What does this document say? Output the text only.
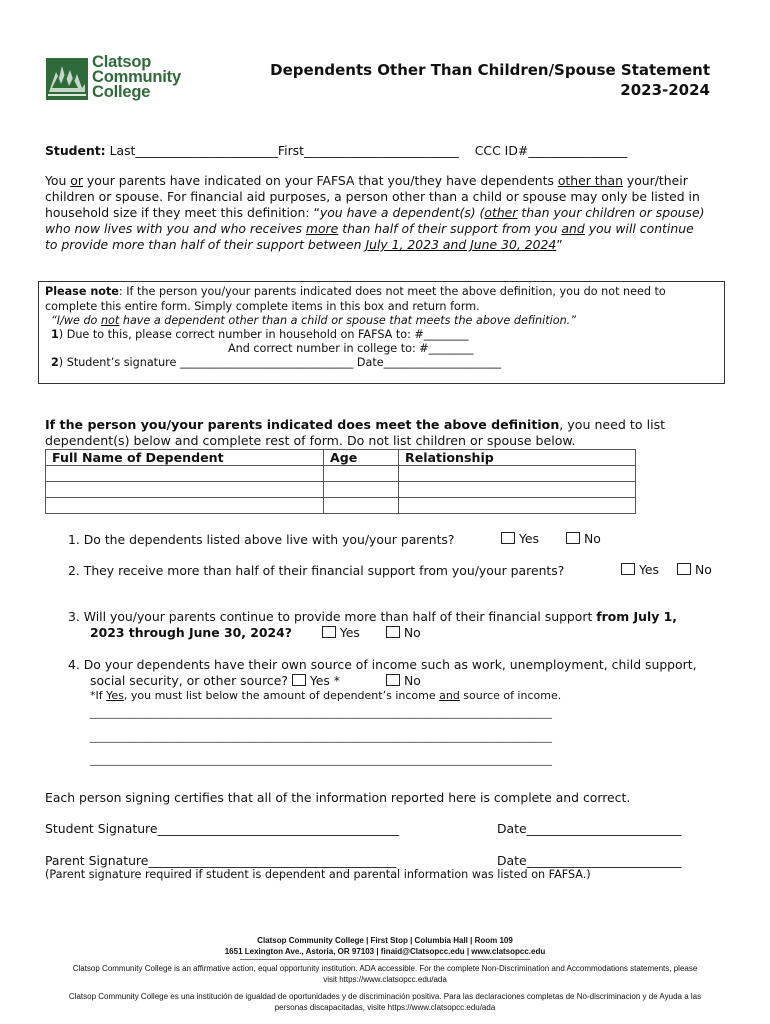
Clatsop
Community
College
Dependents Other Than Children/Spouse Statement
2023-2024
Student: Last_______________________First_________________________ CCC ID#________________
You or your parents have indicated on your FAFSA that you/they have dependents other than your/their
children or spouse. For financial aid purposes, a person other than a child or spouse may only be listed in
household size if they meet this definition: “you have a dependent(s) (other than your children or spouse)
who now lives with you and who receives more than half of their support from you and you will continue
to provide more than half of their support between July 1, 2023 and June 30, 2024”
Please note: If the person you/your parents indicated does not meet the above definition, you do not need to
complete this entire form. Simply complete items in this box and return form.
“I/we do not have a dependent other than a child or spouse that meets the above definition.”
1) Due to this, please correct number in household on FAFSA to: #________
And correct number in college to: #________
2) Student’s signature _______________________________ Date_____________________
If the person you/your parents indicated does meet the above definition, you need to list
dependent(s) below and complete rest of form. Do not list children or spouse below.
Full Name of Dependent	Age	Relationship

1. Do the dependents listed above live with you/your parents?	Yes	No
2. They receive more than half of their financial support from you/your parents?	Yes	No
3. Will you/your parents continue to provide more than half of their financial support from July 1,
2023 through June 30, 2024?	Yes	No
4. Do your dependents have their own source of income such as work, unemployment, child support,
social security, or other source? Yes *	No
*If Yes, you must list below the amount of dependent’s income and source of income.
____________________________________________________________________________________
____________________________________________________________________________________
____________________________________________________________________________________
Each person signing certifies that all of the information reported here is complete and correct.
Student Signature_______________________________________	Date_________________________
Parent Signature________________________________________	Date_________________________
(Parent signature required if student is dependent and parental information was listed on FAFSA.)
Clatsop Community College | First Stop | Columbia Hall | Room 109
1651 Lexington Ave., Astoria, OR 97103 | finaid@Clatsopcc.edu | www.clatsopcc.edu
Clatsop Community College is an affirmative action, equal opportunity institution. ADA accessible. For the complete Non-Discrimination and Accommodations statements, please
visit https://www.clatsopcc.edu/ada
Clatsop Community College es una institución de igualdad de oportunidades y de discriminación positiva. Para las declaraciones completas de No-discriminacion y de Ayuda a las
personas discapacitadas, visite https://www.clatsopcc.edu/ada
